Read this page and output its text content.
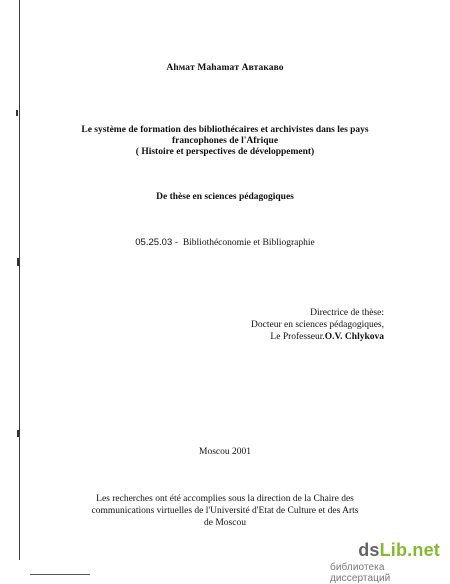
Ahмaт Mahamaт Aвтакаво
Le système de formation des bibliothécaires et archivistes dans les pays
francophones de l'Afrique
( Histoire et perspectives de développement)
De thèse en sciences pédagogiques
05.25.03 - Bibliothéconomie et Bibliographie
Directrice de thèse:
Docteur en sciences pédagogiques,
Le Professeur.O.V. Chlykova
Moscou 2001
Les recherches ont été accomplies sous la direction de la Chaire des
communications virtuelles de l'Université d'Etat de Culture et des Arts
de Moscou
dsLib.net
библиотека диссертаций
